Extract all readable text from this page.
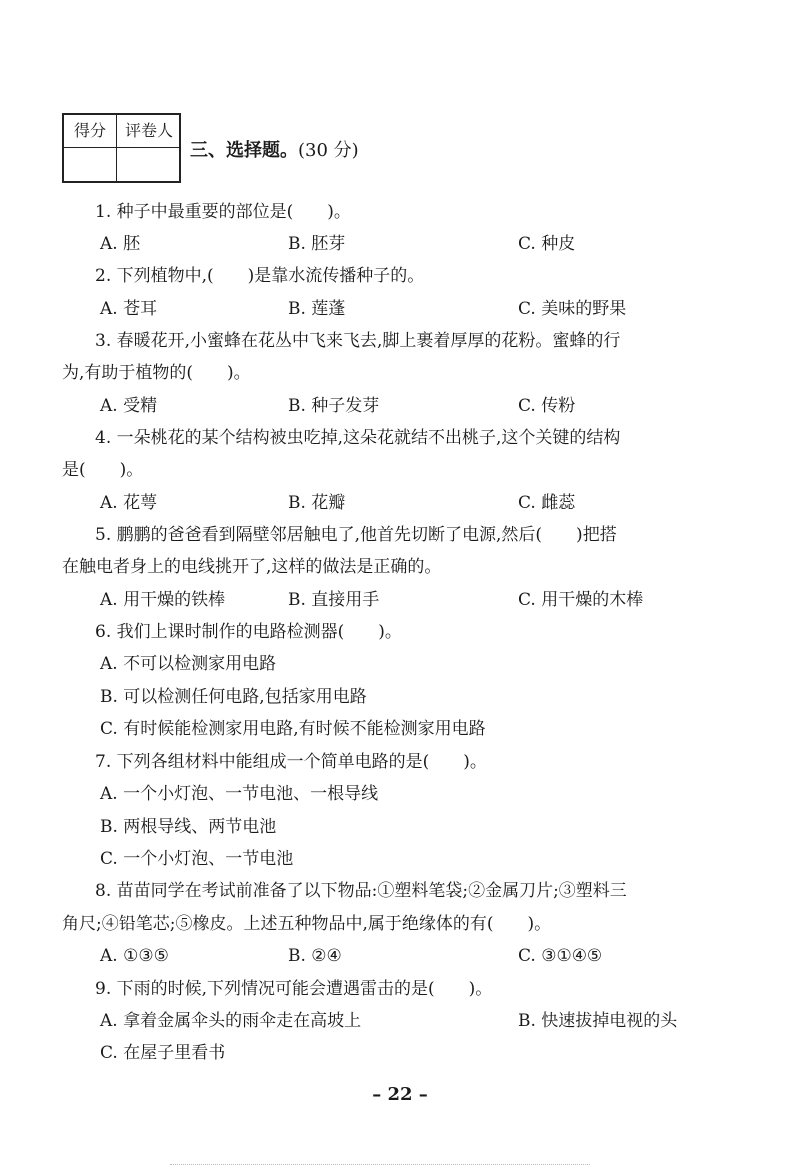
得分	评卷人
三、选择题。(30 分)
1. 种子中最重要的部位是(　　)。
A. 胚	B. 胚芽	C. 种皮
2. 下列植物中,(　　)是靠水流传播种子的。
A. 苍耳	B. 莲蓬	C. 美味的野果
3. 春暖花开,小蜜蜂在花丛中飞来飞去,脚上裹着厚厚的花粉。蜜蜂的行
为,有助于植物的(　　)。
A. 受精	B. 种子发芽	C. 传粉
4. 一朵桃花的某个结构被虫吃掉,这朵花就结不出桃子,这个关键的结构
是(　　)。
A. 花萼	B. 花瓣	C. 雌蕊
5. 鹏鹏的爸爸看到隔壁邻居触电了,他首先切断了电源,然后(　　)把搭
在触电者身上的电线挑开了,这样的做法是正确的。
A. 用干燥的铁棒	B. 直接用手	C. 用干燥的木棒
6. 我们上课时制作的电路检测器(　　)。
A. 不可以检测家用电路
B. 可以检测任何电路,包括家用电路
C. 有时候能检测家用电路,有时候不能检测家用电路
7. 下列各组材料中能组成一个简单电路的是(　　)。
A. 一个小灯泡、一节电池、一根导线
B. 两根导线、两节电池
C. 一个小灯泡、一节电池
8. 苗苗同学在考试前准备了以下物品:①塑料笔袋;②金属刀片;③塑料三
角尺;④铅笔芯;⑤橡皮。上述五种物品中,属于绝缘体的有(　　)。
A. ①③⑤	B. ②④	C. ③①④⑤
9. 下雨的时候,下列情况可能会遭遇雷击的是(　　)。
A. 拿着金属伞头的雨伞走在高坡上	B. 快速拔掉电视的头
C. 在屋子里看书
– 22 –
